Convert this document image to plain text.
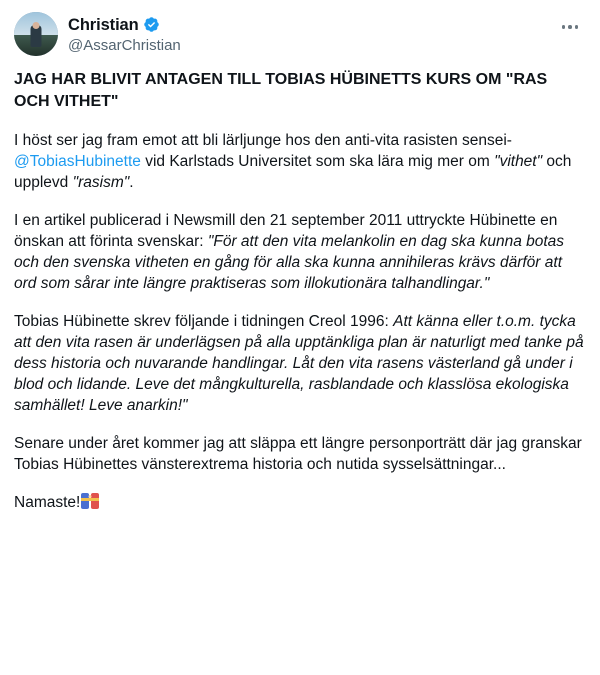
Christian
@AssarChristian

JAG HAR BLIVIT ANTAGEN TILL TOBIAS HÜBINETTS KURS OM "RAS OCH VITHET"

I höst ser jag fram emot att bli lärljunge hos den anti-vita rasisten sensei-@TobiasHubinette vid Karlstads Universitet som ska lära mig mer om "vithet" och upplevd "rasism".

I en artikel publicerad i Newsmill den 21 september 2011 uttryckte Hübinette en önskan att förinta svenskar: "För att den vita melankolin en dag ska kunna botas och den svenska vitheten en gång för alla ska kunna annihileras krävs därför att ord som sårar inte längre praktiseras som illokutionära talhandlingar."

Tobias Hübinette skrev följande i tidningen Creol 1996: Att känna eller t.o.m. tycka att den vita rasen är underlägsen på alla upptänkliga plan är naturligt med tanke på dess historia och nuvarande handlingar. Låt den vita rasens västerland gå under i blod och lidande. Leve det mångkulturella, rasblandade och klasslösa ekologiska samhället! Leve anarkin!"

Senare under året kommer jag att släppa ett längre personporträtt där jag granskar Tobias Hübinettes vänsterextrema historia och nutida sysselsättningar...

Namaste!
